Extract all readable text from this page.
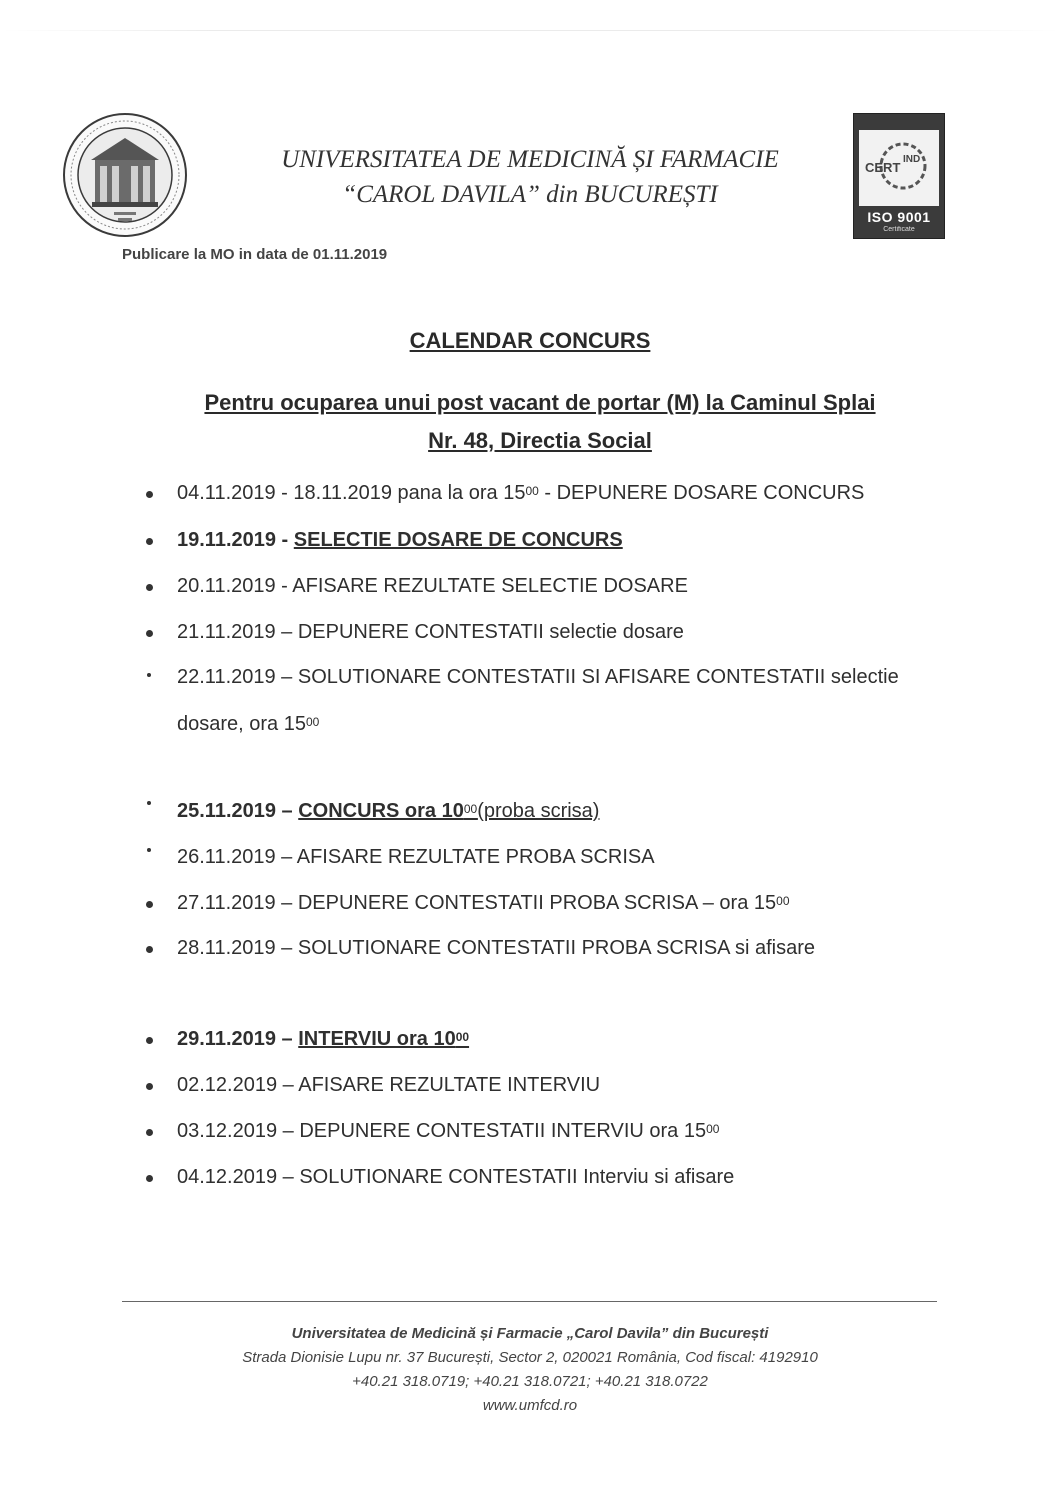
UNIVERSITATEA DE MEDICINĂ ȘI FARMACIE
“CAROL DAVILA” din BUCUREȘTI
CERT
IND
ISO 9001
Certificate
Publicare la MO in data de 01.11.2019
CALENDAR CONCURS
Pentru ocuparea unui post vacant de portar (M) la Caminul Splai
Nr. 48, Directia Social
04.11.2019 - 18.11.2019 pana la ora $15^{00}$ - DEPUNERE DOSARE CONCURS
19.11.2019 - SELECTIE DOSARE DE CONCURS
20.11.2019 - AFISARE REZULTATE SELECTIE DOSARE
21.11.2019 – DEPUNERE CONTESTATII selectie dosare
22.11.2019 – SOLUTIONARE CONTESTATII SI AFISARE CONTESTATII selectie
dosare, ora $15^{00}$
25.11.2019 – CONCURS ora $10^{00}(proba$ scrisa)
26.11.2019 – AFISARE REZULTATE PROBA SCRISA
27.11.2019 – DEPUNERE CONTESTATII PROBA SCRISA – ora $15^{00}$
28.11.2019 – SOLUTIONARE CONTESTATII PROBA SCRISA si afisare
29.11.2019 – INTERVIU ora $10^{00}$
02.12.2019 – AFISARE REZULTATE INTERVIU
03.12.2019 – DEPUNERE CONTESTATII INTERVIU ora $15^{00}$
04.12.2019 – SOLUTIONARE CONTESTATII Interviu si afisare
Universitatea de Medicină și Farmacie „Carol Davila” din București
Strada Dionisie Lupu nr. 37 București, Sector 2, 020021 România, Cod fiscal: 4192910
+40.21 318.0719; +40.21 318.0721; +40.21 318.0722
www.umfcd.ro
